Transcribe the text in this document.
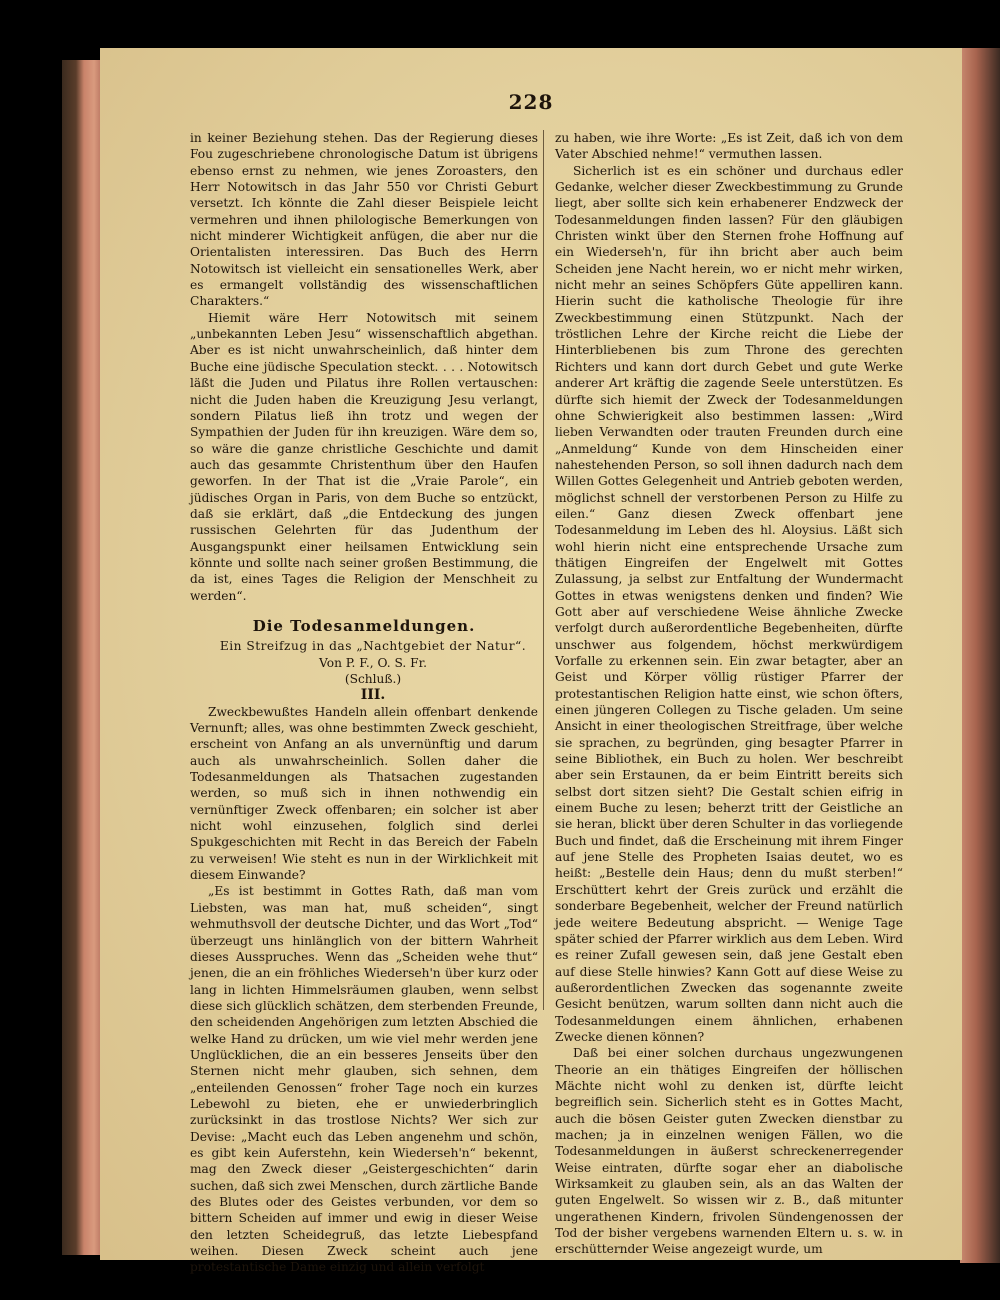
228

in keiner Beziehung stehen. Das der Regierung dieses Fou zugeschriebene chronologische Datum ist übrigens ebenso ernst zu nehmen, wie jenes Zoroasters, den Herr Notowitsch in das Jahr 550 vor Christi Geburt versetzt. Ich könnte die Zahl dieser Beispiele leicht vermehren und ihnen philologische Bemerkungen von nicht minderer Wichtigkeit anfügen, die aber nur die Orientalisten interessiren. Das Buch des Herrn Notowitsch ist vielleicht ein sensationelles Werk, aber es ermangelt vollständig des wissenschaftlichen Charakters.“

Hiemit wäre Herr Notowitsch mit seinem „unbekannten Leben Jesu“ wissenschaftlich abgethan. Aber es ist nicht unwahrscheinlich, daß hinter dem Buche eine jüdische Speculation steckt. . . . Notowitsch läßt die Juden und Pilatus ihre Rollen vertauschen: nicht die Juden haben die Kreuzigung Jesu verlangt, sondern Pilatus ließ ihn trotz und wegen der Sympathien der Juden für ihn kreuzigen. Wäre dem so, so wäre die ganze christliche Geschichte und damit auch das gesammte Christenthum über den Haufen geworfen. In der That ist die „Vraie Parole“, ein jüdisches Organ in Paris, von dem Buche so entzückt, daß sie erklärt, daß „die Entdeckung des jungen russischen Gelehrten für das Judenthum der Ausgangspunkt einer heilsamen Entwicklung sein könnte und sollte nach seiner großen Bestimmung, die da ist, eines Tages die Religion der Menschheit zu werden“.

Die Todesanmeldungen.

Ein Streifzug in das „Nachtgebiet der Natur“.

Von P. F., O. S. Fr.

(Schluß.)

III.

Zweckbewußtes Handeln allein offenbart denkende Vernunft; alles, was ohne bestimmten Zweck geschieht, erscheint von Anfang an als unvernünftig und darum auch als unwahrscheinlich. Sollen daher die Todesanmeldungen als Thatsachen zugestanden werden, so muß sich in ihnen nothwendig ein vernünftiger Zweck offenbaren; ein solcher ist aber nicht wohl einzusehen, folglich sind derlei Spukgeschichten mit Recht in das Bereich der Fabeln zu verweisen! Wie steht es nun in der Wirklichkeit mit diesem Einwande?

„Es ist bestimmt in Gottes Rath, daß man vom Liebsten, was man hat, muß scheiden“, singt wehmuthsvoll der deutsche Dichter, und das Wort „Tod“ überzeugt uns hinlänglich von der bittern Wahrheit dieses Ausspruches. Wenn das „Scheiden wehe thut“ jenen, die an ein fröhliches Wiederseh'n über kurz oder lang in lichten Himmelsräumen glauben, wenn selbst diese sich glücklich schätzen, dem sterbenden Freunde, den scheidenden Angehörigen zum letzten Abschied die welke Hand zu drücken, um wie viel mehr werden jene Unglücklichen, die an ein besseres Jenseits über den Sternen nicht mehr glauben, sich sehnen, dem „enteilenden Genossen“ froher Tage noch ein kurzes Lebewohl zu bieten, ehe er unwiederbringlich zurücksinkt in das trostlose Nichts? Wer sich zur Devise: „Macht euch das Leben angenehm und schön, es gibt kein Auferstehn, kein Wiederseh'n“ bekennt, mag den Zweck dieser „Geistergeschichten“ darin suchen, daß sich zwei Menschen, durch zärtliche Bande des Blutes oder des Geistes verbunden, vor dem so bittern Scheiden auf immer und ewig in dieser Weise den letzten Scheidegruß, das letzte Liebespfand weihen. Diesen Zweck scheint auch jene protestantische Dame einzig und allein verfolgt

zu haben, wie ihre Worte: „Es ist Zeit, daß ich von dem Vater Abschied nehme!“ vermuthen lassen.

Sicherlich ist es ein schöner und durchaus edler Gedanke, welcher dieser Zweckbestimmung zu Grunde liegt, aber sollte sich kein erhabenerer Endzweck der Todesanmeldungen finden lassen? Für den gläubigen Christen winkt über den Sternen frohe Hoffnung auf ein Wiederseh'n, für ihn bricht aber auch beim Scheiden jene Nacht herein, wo er nicht mehr wirken, nicht mehr an seines Schöpfers Güte appelliren kann. Hierin sucht die katholische Theologie für ihre Zweckbestimmung einen Stützpunkt. Nach der tröstlichen Lehre der Kirche reicht die Liebe der Hinterbliebenen bis zum Throne des gerechten Richters und kann dort durch Gebet und gute Werke anderer Art kräftig die zagende Seele unterstützen. Es dürfte sich hiemit der Zweck der Todesanmeldungen ohne Schwierigkeit also bestimmen lassen: „Wird lieben Verwandten oder trauten Freunden durch eine „Anmeldung“ Kunde von dem Hinscheiden einer nahestehenden Person, so soll ihnen dadurch nach dem Willen Gottes Gelegenheit und Antrieb geboten werden, möglichst schnell der verstorbenen Person zu Hilfe zu eilen.“ Ganz diesen Zweck offenbart jene Todesanmeldung im Leben des hl. Aloysius. Läßt sich wohl hierin nicht eine entsprechende Ursache zum thätigen Eingreifen der Engelwelt mit Gottes Zulassung, ja selbst zur Entfaltung der Wundermacht Gottes in etwas wenigstens denken und finden? Wie Gott aber auf verschiedene Weise ähnliche Zwecke verfolgt durch außerordentliche Begebenheiten, dürfte unschwer aus folgendem, höchst merkwürdigem Vorfalle zu erkennen sein. Ein zwar betagter, aber an Geist und Körper völlig rüstiger Pfarrer der protestantischen Religion hatte einst, wie schon öfters, einen jüngeren Collegen zu Tische geladen. Um seine Ansicht in einer theologischen Streitfrage, über welche sie sprachen, zu begründen, ging besagter Pfarrer in seine Bibliothek, ein Buch zu holen. Wer beschreibt aber sein Erstaunen, da er beim Eintritt bereits sich selbst dort sitzen sieht? Die Gestalt schien eifrig in einem Buche zu lesen; beherzt tritt der Geistliche an sie heran, blickt über deren Schulter in das vorliegende Buch und findet, daß die Erscheinung mit ihrem Finger auf jene Stelle des Propheten Isaias deutet, wo es heißt: „Bestelle dein Haus; denn du mußt sterben!“ Erschüttert kehrt der Greis zurück und erzählt die sonderbare Begebenheit, welcher der Freund natürlich jede weitere Bedeutung abspricht. — Wenige Tage später schied der Pfarrer wirklich aus dem Leben. Wird es reiner Zufall gewesen sein, daß jene Gestalt eben auf diese Stelle hinwies? Kann Gott auf diese Weise zu außerordentlichen Zwecken das sogenannte zweite Gesicht benützen, warum sollten dann nicht auch die Todesanmeldungen einem ähnlichen, erhabenen Zwecke dienen können?

Daß bei einer solchen durchaus ungezwungenen Theorie an ein thätiges Eingreifen der höllischen Mächte nicht wohl zu denken ist, dürfte leicht begreiflich sein. Sicherlich steht es in Gottes Macht, auch die bösen Geister guten Zwecken dienstbar zu machen; ja in einzelnen wenigen Fällen, wo die Todesanmeldungen in äußerst schreckenerregender Weise eintraten, dürfte sogar eher an diabolische Wirksamkeit zu glauben sein, als an das Walten der guten Engelwelt. So wissen wir z. B., daß mitunter ungerathenen Kindern, frivolen Sündengenossen der Tod der bisher vergebens warnenden Eltern u. s. w. in erschütternder Weise angezeigt wurde, um
